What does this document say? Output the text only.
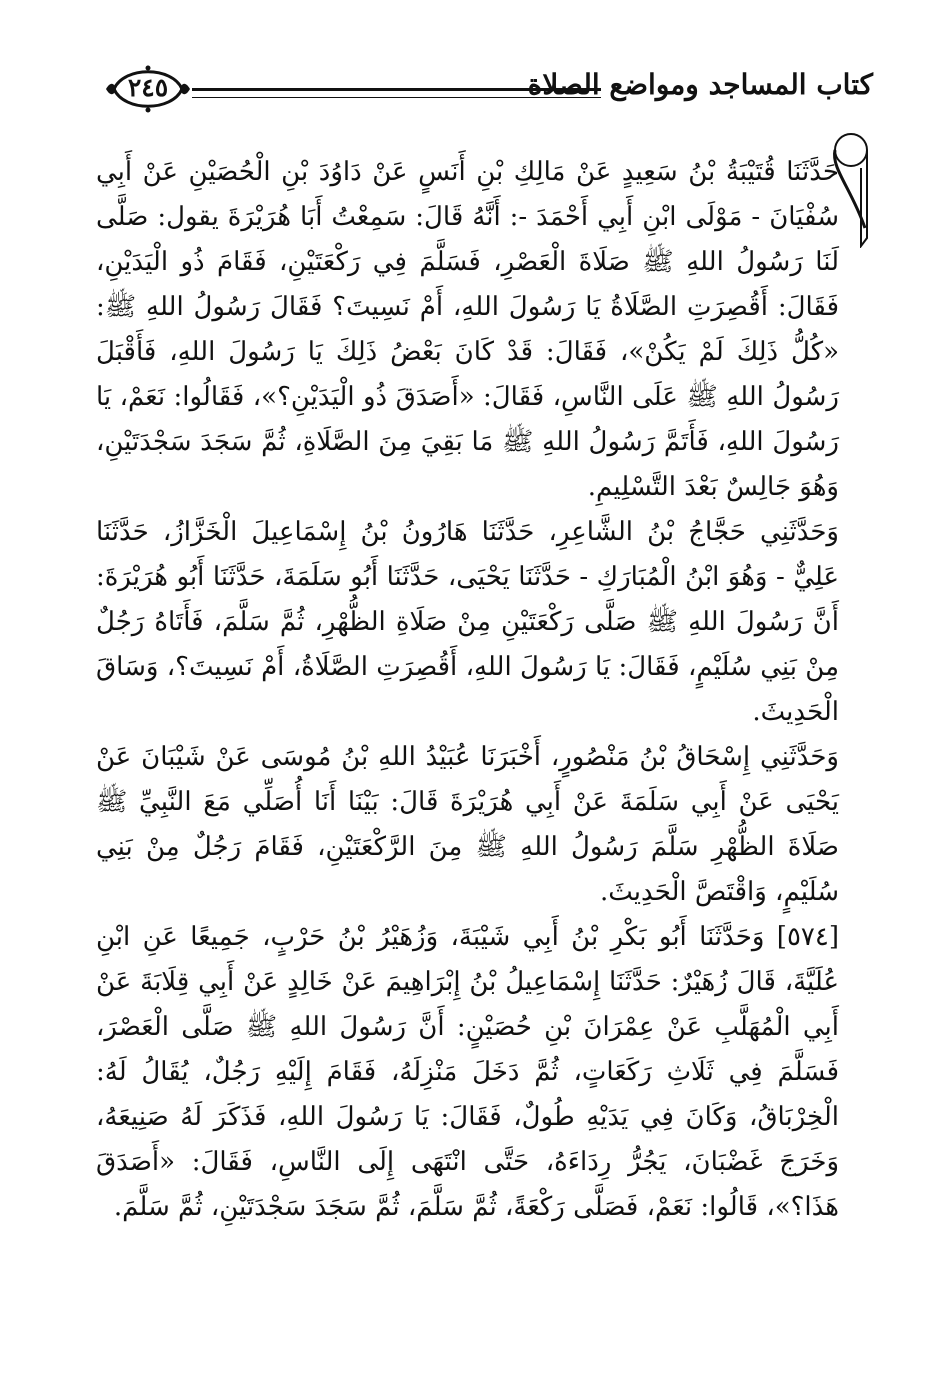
كتاب المساجد ومواضع الصلاة
٢٤٥

حَدَّثَنَا قُتَيْبَةُ بْنُ سَعِيدٍ عَنْ مَالِكِ بْنِ أَنَسٍ عَنْ دَاوُدَ بْنِ الْحُصَيْنِ عَنْ أَبِي سُفْيَانَ - مَوْلَى ابْنِ أَبِي أَحْمَدَ -: أَنَّهُ قَالَ: سَمِعْتُ أَبَا هُرَيْرَةَ يقول: صَلَّى لَنَا رَسُولُ اللهِ ﷺ صَلَاةَ الْعَصْرِ، فَسَلَّمَ فِي رَكْعَتَيْنِ، فَقَامَ ذُو الْيَدَيْنِ، فَقَالَ: أَقُصِرَتِ الصَّلَاةُ يَا رَسُولَ اللهِ، أَمْ نَسِيتَ؟ فَقَالَ رَسُولُ اللهِ ﷺ: «كُلُّ ذَلِكَ لَمْ يَكُنْ»، فَقَالَ: قَدْ كَانَ بَعْضُ ذَلِكَ يَا رَسُولَ اللهِ، فَأَقْبَلَ رَسُولُ اللهِ ﷺ عَلَى النَّاسِ، فَقَالَ: «أَصَدَقَ ذُو الْيَدَيْنِ؟»، فَقَالُوا: نَعَمْ، يَا رَسُولَ اللهِ، فَأَتَمَّ رَسُولُ اللهِ ﷺ مَا بَقِيَ مِنَ الصَّلَاةِ، ثُمَّ سَجَدَ سَجْدَتَيْنِ، وَهُوَ جَالِسٌ بَعْدَ التَّسْلِيمِ.

وَحَدَّثَنِي حَجَّاجُ بْنُ الشَّاعِرِ، حَدَّثَنَا هَارُونُ بْنُ إِسْمَاعِيلَ الْخَزَّازُ، حَدَّثَنَا عَلِيٌّ - وَهُوَ ابْنُ الْمُبَارَكِ - حَدَّثَنَا يَحْيَى، حَدَّثَنَا أَبُو سَلَمَةَ، حَدَّثَنَا أَبُو هُرَيْرَةَ: أَنَّ رَسُولَ اللهِ ﷺ صَلَّى رَكْعَتَيْنِ مِنْ صَلَاةِ الظُّهْرِ، ثُمَّ سَلَّمَ، فَأَتَاهُ رَجُلٌ مِنْ بَنِي سُلَيْمٍ، فَقَالَ: يَا رَسُولَ اللهِ، أَقُصِرَتِ الصَّلَاةُ، أَمْ نَسِيتَ؟، وَسَاقَ الْحَدِيثَ.

وَحَدَّثَنِي إِسْحَاقُ بْنُ مَنْصُورٍ، أَخْبَرَنَا عُبَيْدُ اللهِ بْنُ مُوسَى عَنْ شَيْبَانَ عَنْ يَحْيَى عَنْ أَبِي سَلَمَةَ عَنْ أَبِي هُرَيْرَةَ قَالَ: بَيْنَا أَنَا أُصَلِّي مَعَ النَّبِيِّ ﷺ صَلَاةَ الظُّهْرِ سَلَّمَ رَسُولُ اللهِ ﷺ مِنَ الرَّكْعَتَيْنِ، فَقَامَ رَجُلٌ مِنْ بَنِي سُلَيْمٍ، وَاقْتَصَّ الْحَدِيثَ.

[٥٧٤] وَحَدَّثَنَا أَبُو بَكْرِ بْنُ أَبِي شَيْبَةَ، وَزُهَيْرُ بْنُ حَرْبٍ، جَمِيعًا عَنِ ابْنِ عُلَيَّةَ، قَالَ زُهَيْرٌ: حَدَّثَنَا إِسْمَاعِيلُ بْنُ إِبْرَاهِيمَ عَنْ خَالِدٍ عَنْ أَبِي قِلَابَةَ عَنْ أَبِي الْمُهَلَّبِ عَنْ عِمْرَانَ بْنِ حُصَيْنٍ: أَنَّ رَسُولَ اللهِ ﷺ صَلَّى الْعَصْرَ، فَسَلَّمَ فِي ثَلَاثِ رَكَعَاتٍ، ثُمَّ دَخَلَ مَنْزِلَهُ، فَقَامَ إِلَيْهِ رَجُلٌ، يُقَالُ لَهُ: الْخِرْبَاقُ، وَكَانَ فِي يَدَيْهِ طُولٌ، فَقَالَ: يَا رَسُولَ اللهِ، فَذَكَرَ لَهُ صَنِيعَهُ، وَخَرَجَ غَضْبَانَ، يَجُرُّ رِدَاءَهُ، حَتَّى انْتَهَى إِلَى النَّاسِ، فَقَالَ: «أَصَدَقَ هَذَا؟»، قَالُوا: نَعَمْ، فَصَلَّى رَكْعَةً، ثُمَّ سَلَّمَ، ثُمَّ سَجَدَ سَجْدَتَيْنِ، ثُمَّ سَلَّمَ.
